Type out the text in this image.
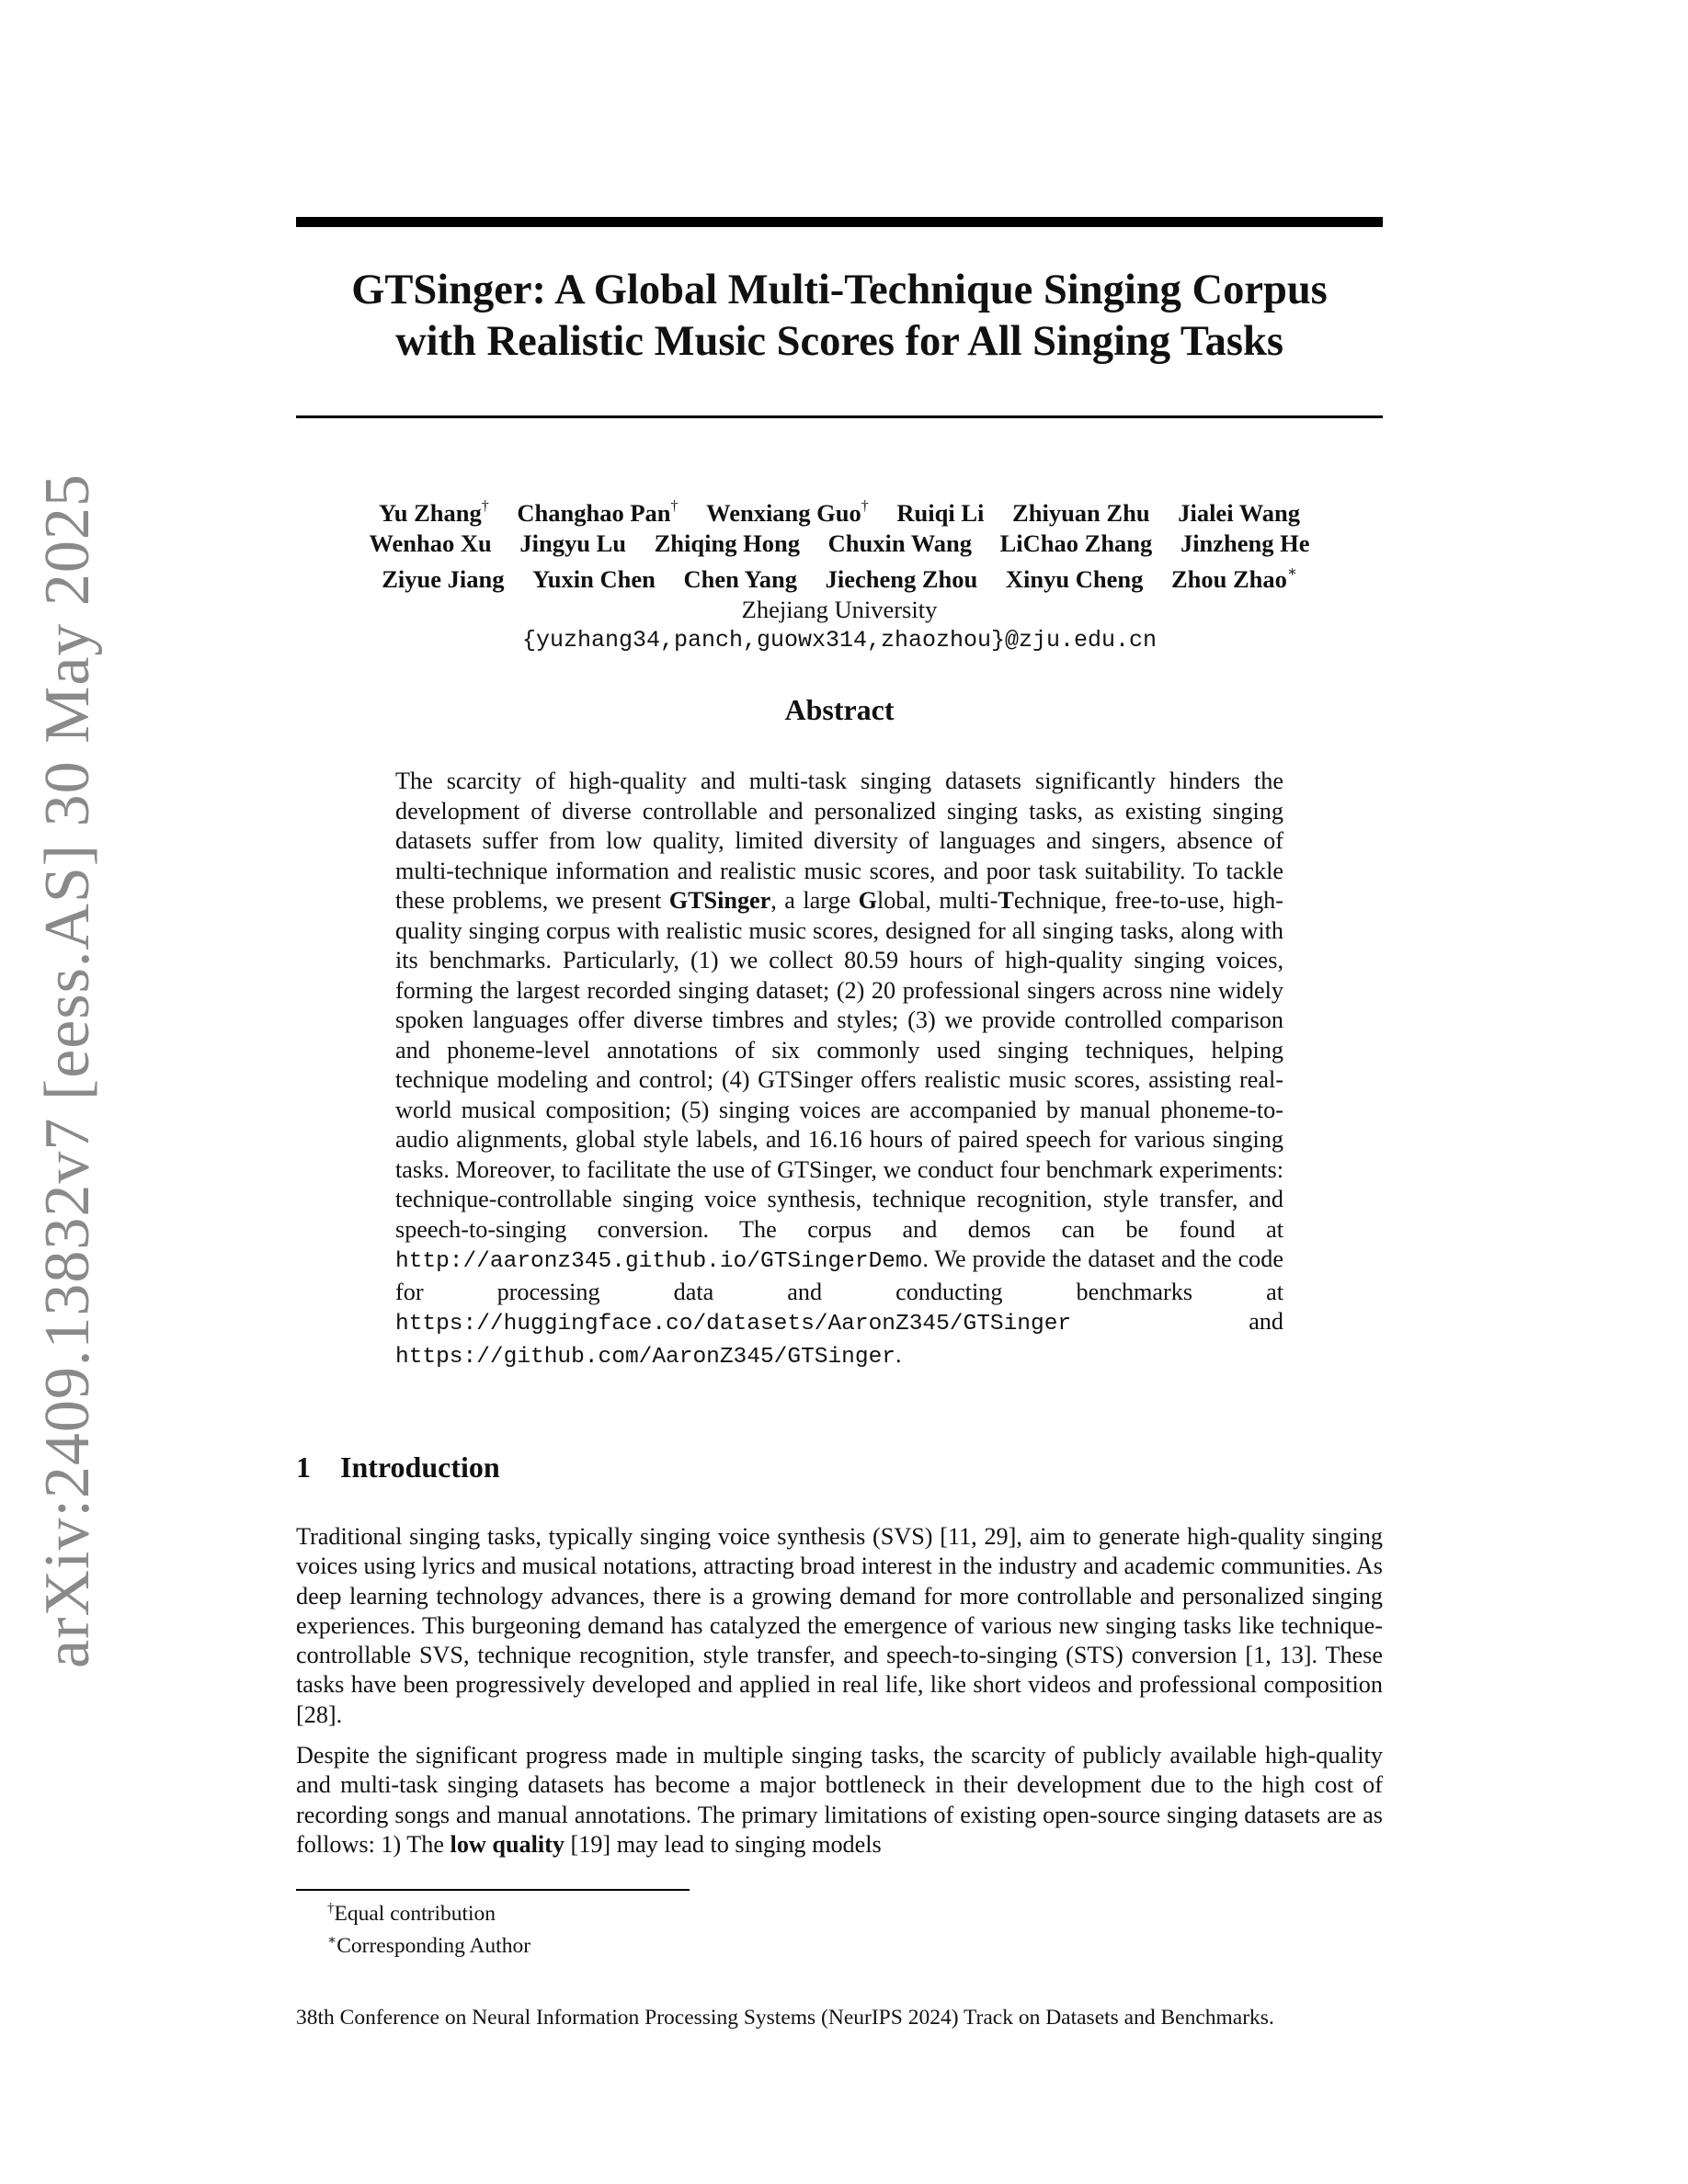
arXiv:2409.13832v7 [eess.AS] 30 May 2025
GTSinger: A Global Multi-Technique Singing Corpus
with Realistic Music Scores for All Singing Tasks
Yu Zhang† Changhao Pan† Wenxiang Guo† Ruiqi Li Zhiyuan Zhu Jialei Wang
Wenhao Xu Jingyu Lu Zhiqing Hong Chuxin Wang LiChao Zhang Jinzheng He
Ziyue Jiang Yuxin Chen Chen Yang Jiecheng Zhou Xinyu Cheng Zhou Zhao∗
Zhejiang University
{yuzhang34,panch,guowx314,zhaozhou}@zju.edu.cn
Abstract
The scarcity of high-quality and multi-task singing datasets significantly hinders the development of diverse controllable and personalized singing tasks, as existing singing datasets suffer from low quality, limited diversity of languages and singers, absence of multi-technique information and realistic music scores, and poor task suitability. To tackle these problems, we present GTSinger, a large Global, multi-Technique, free-to-use, high-quality singing corpus with realistic music scores, designed for all singing tasks, along with its benchmarks. Particularly, (1) we collect 80.59 hours of high-quality singing voices, forming the largest recorded singing dataset; (2) 20 professional singers across nine widely spoken languages offer diverse timbres and styles; (3) we provide controlled comparison and phoneme-level annotations of six commonly used singing techniques, helping technique modeling and control; (4) GTSinger offers realistic music scores, assisting real-world musical composition; (5) singing voices are accompanied by manual phoneme-to-audio alignments, global style labels, and 16.16 hours of paired speech for various singing tasks. Moreover, to facilitate the use of GTSinger, we conduct four benchmark experiments: technique-controllable singing voice synthesis, technique recognition, style transfer, and speech-to-singing conversion. The corpus and demos can be found at http://aaronz345.github.io/GTSingerDemo. We provide the dataset and the code for processing data and conducting benchmarks at https://huggingface.co/datasets/AaronZ345/GTSinger and https://github.com/AaronZ345/GTSinger.
1 Introduction

Traditional singing tasks, typically singing voice synthesis (SVS) [11, 29], aim to generate high-quality singing voices using lyrics and musical notations, attracting broad interest in the industry and academic communities. As deep learning technology advances, there is a growing demand for more controllable and personalized singing experiences. This burgeoning demand has catalyzed the emergence of various new singing tasks like technique-controllable SVS, technique recognition, style transfer, and speech-to-singing (STS) conversion [1, 13]. These tasks have been progressively developed and applied in real life, like short videos and professional composition [28].

Despite the significant progress made in multiple singing tasks, the scarcity of publicly available high-quality and multi-task singing datasets has become a major bottleneck in their development due to the high cost of recording songs and manual annotations. The primary limitations of existing open-source singing datasets are as follows: 1) The low quality [19] may lead to singing models

†Equal contribution
∗Corresponding Author
38th Conference on Neural Information Processing Systems (NeurIPS 2024) Track on Datasets and Benchmarks.
